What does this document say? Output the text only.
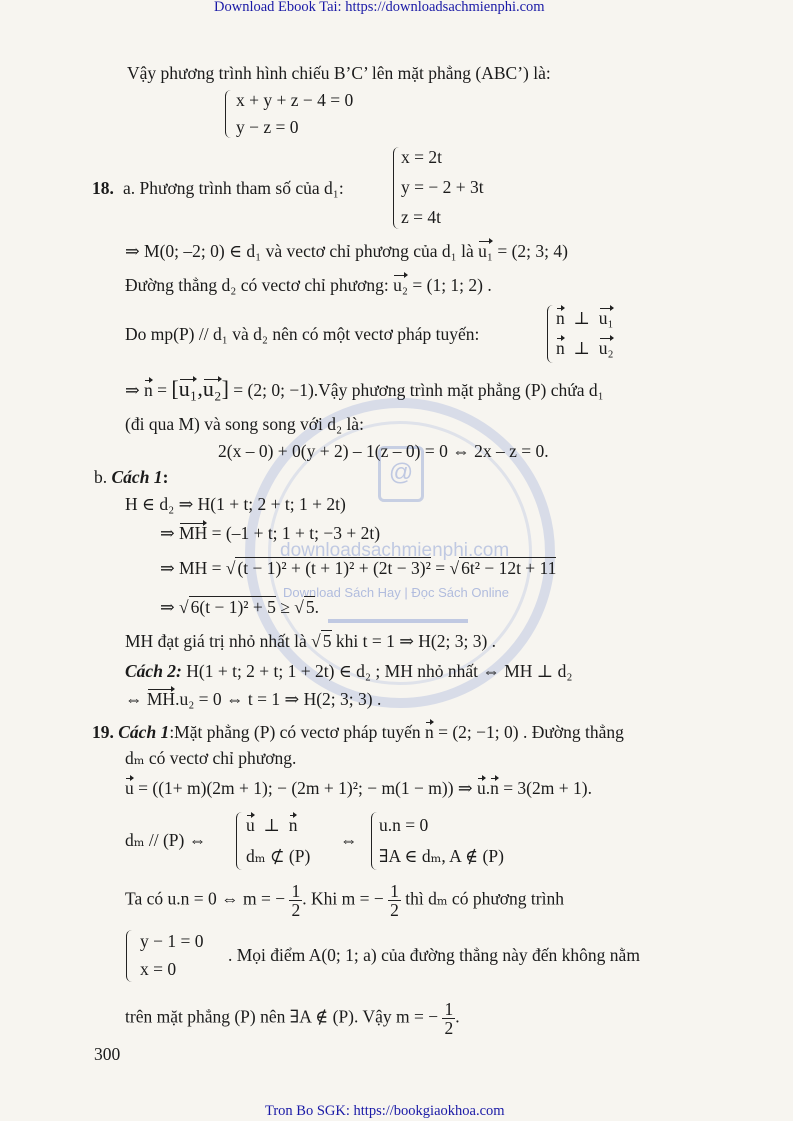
Download Ebook Tai: https://downloadsachmienphi.com
@
downloadsachmienphi.com
Download Sách Hay | Đọc Sách Online
Vậy phương trình hình chiếu B’C’ lên mặt phẳng (ABC’) là:
x + y + z − 4 = 0
y − z = 0
18. a. Phương trình tham số của d₁:
x = 2t
y = − 2 + 3t
z = 4t
⇒ M(0; –2; 0) ∈ d₁ và vectơ chỉ phương của d₁ là u₁ = (2; 3; 4)
Đường thẳng d₂ có vectơ chỉ phương: u₂ = (1; 1; 2) .
Do mp(P) // d₁ và d₂ nên có một vectơ pháp tuyến:
n  ⊥  u₁
n  ⊥  u₂
⇒ n = [u₁,u₂] = (2; 0; −1).Vậy phương trình mặt phẳng (P) chứa d₁
(đi qua M) và song song với d₂ là:
2(x – 0) + 0(y + 2) – 1(z – 0) = 0 ⇔ 2x – z = 0.
b. Cách 1:
H ∈ d₂ ⇒ H(1 + t; 2 + t; 1 + 2t)
⇒ MH = (–1 + t; 1 + t; −3 + 2t)
⇒ MH = √ (t − 1)² + (t + 1)² + (2t − 3)² = √ 6t² − 12t + 11
⇒ √ 6(t − 1)² + 5 ≥ √ 5.
MH đạt giá trị nhỏ nhất là √ 5 khi t = 1 ⇒ H(2; 3; 3) .
Cách 2: H(1 + t; 2 + t; 1 + 2t) ∈ d₂ ; MH nhỏ nhất ⇔ MH ⊥ d₂
⇔ MH.u₂ = 0 ⇔ t = 1 ⇒ H(2; 3; 3) .
19. Cách 1:Mặt phẳng (P) có vectơ pháp tuyến n = (2; −1; 0) . Đường thẳng
dₘ có vectơ chỉ phương.
u = ((1+ m)(2m + 1); − (2m + 1)²; − m(1 − m)) ⇒ u.n = 3(2m + 1).
dₘ // (P) ⇔
u  ⊥  n
dₘ ⊄ (P)
⇔
u.n = 0
∃A ∈ dₘ, A ∉ (P)
Ta có u.n = 0 ⇔ m = − $\frac{1}{2}$ . Khi m = − $\frac{1}{2}$ thì dₘ có phương trình
y − 1 = 0
x = 0
. Mọi điểm A(0; 1; a) của đường thẳng này đến không nằm
trên mặt phẳng (P) nên ∃A ∉ (P). Vậy m = − $\frac{1}{2}$ .
300
Tron Bo SGK: https://bookgiaokhoa.com
